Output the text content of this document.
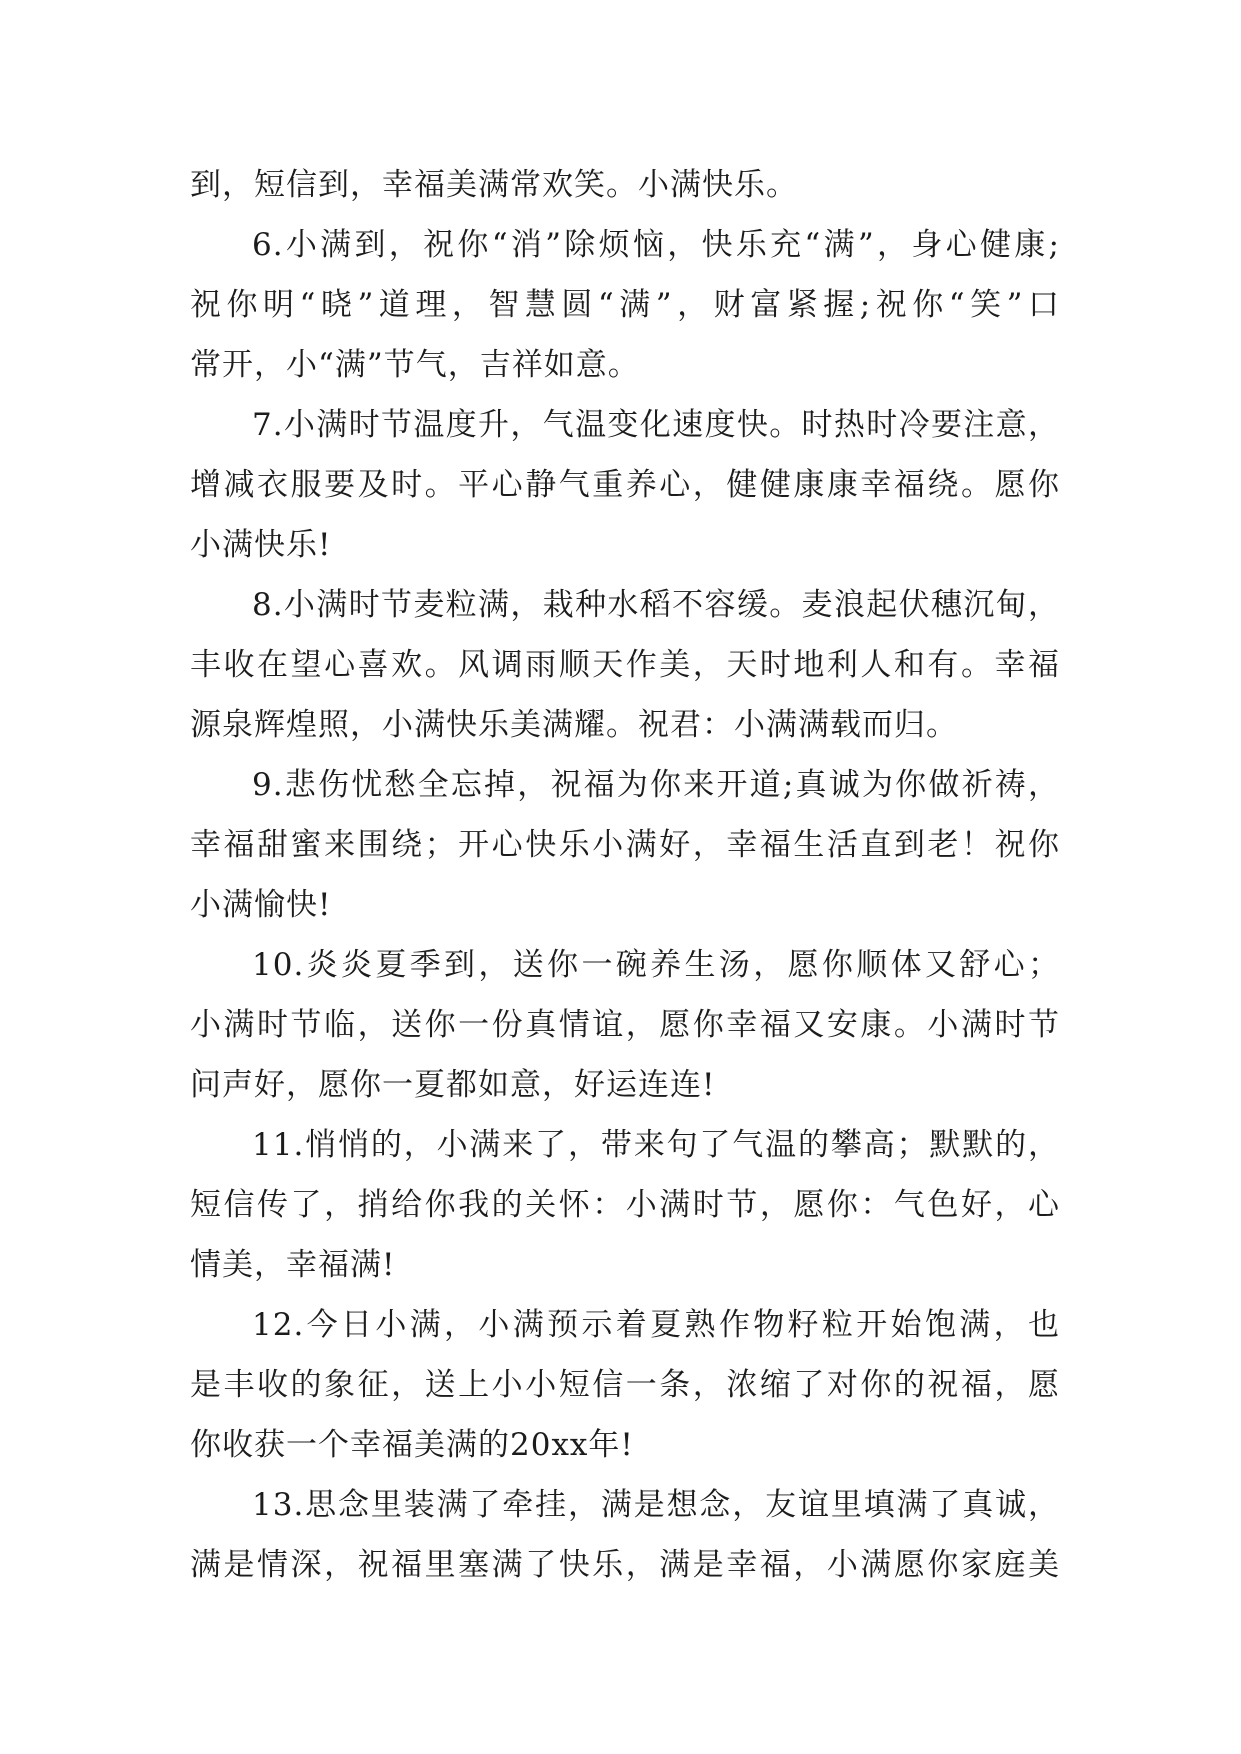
到，短信到，幸福美满常欢笑。小满快乐。
6.小满到，祝你“消”除烦恼，快乐充“满”，身心健康;
祝你明“晓”道理，智慧圆“满”，财富紧握;祝你“笑”口
常开，小“满”节气，吉祥如意。
7.小满时节温度升，气温变化速度快。时热时冷要注意，
增减衣服要及时。平心静气重养心，健健康康幸福绕。愿你
小满快乐!
8.小满时节麦粒满，栽种水稻不容缓。麦浪起伏穗沉甸，
丰收在望心喜欢。风调雨顺天作美，天时地利人和有。幸福
源泉辉煌照，小满快乐美满耀。祝君：小满满载而归。
9.悲伤忧愁全忘掉，祝福为你来开道;真诚为你做祈祷，
幸福甜蜜来围绕；开心快乐小满好，幸福生活直到老！祝你
小满愉快!
10.炎炎夏季到，送你一碗养生汤，愿你顺体又舒心；
小满时节临，送你一份真情谊，愿你幸福又安康。小满时节
问声好，愿你一夏都如意，好运连连!
11.悄悄的，小满来了，带来句了气温的攀高；默默的，
短信传了，捎给你我的关怀：小满时节，愿你：气色好，心
情美，幸福满!
12.今日小满，小满预示着夏熟作物籽粒开始饱满，也
是丰收的象征，送上小小短信一条，浓缩了对你的祝福，愿
你收获一个幸福美满的20xx年!
13.思念里装满了牵挂，满是想念，友谊里填满了真诚，
满是情深，祝福里塞满了快乐，满是幸福，小满愿你家庭美
